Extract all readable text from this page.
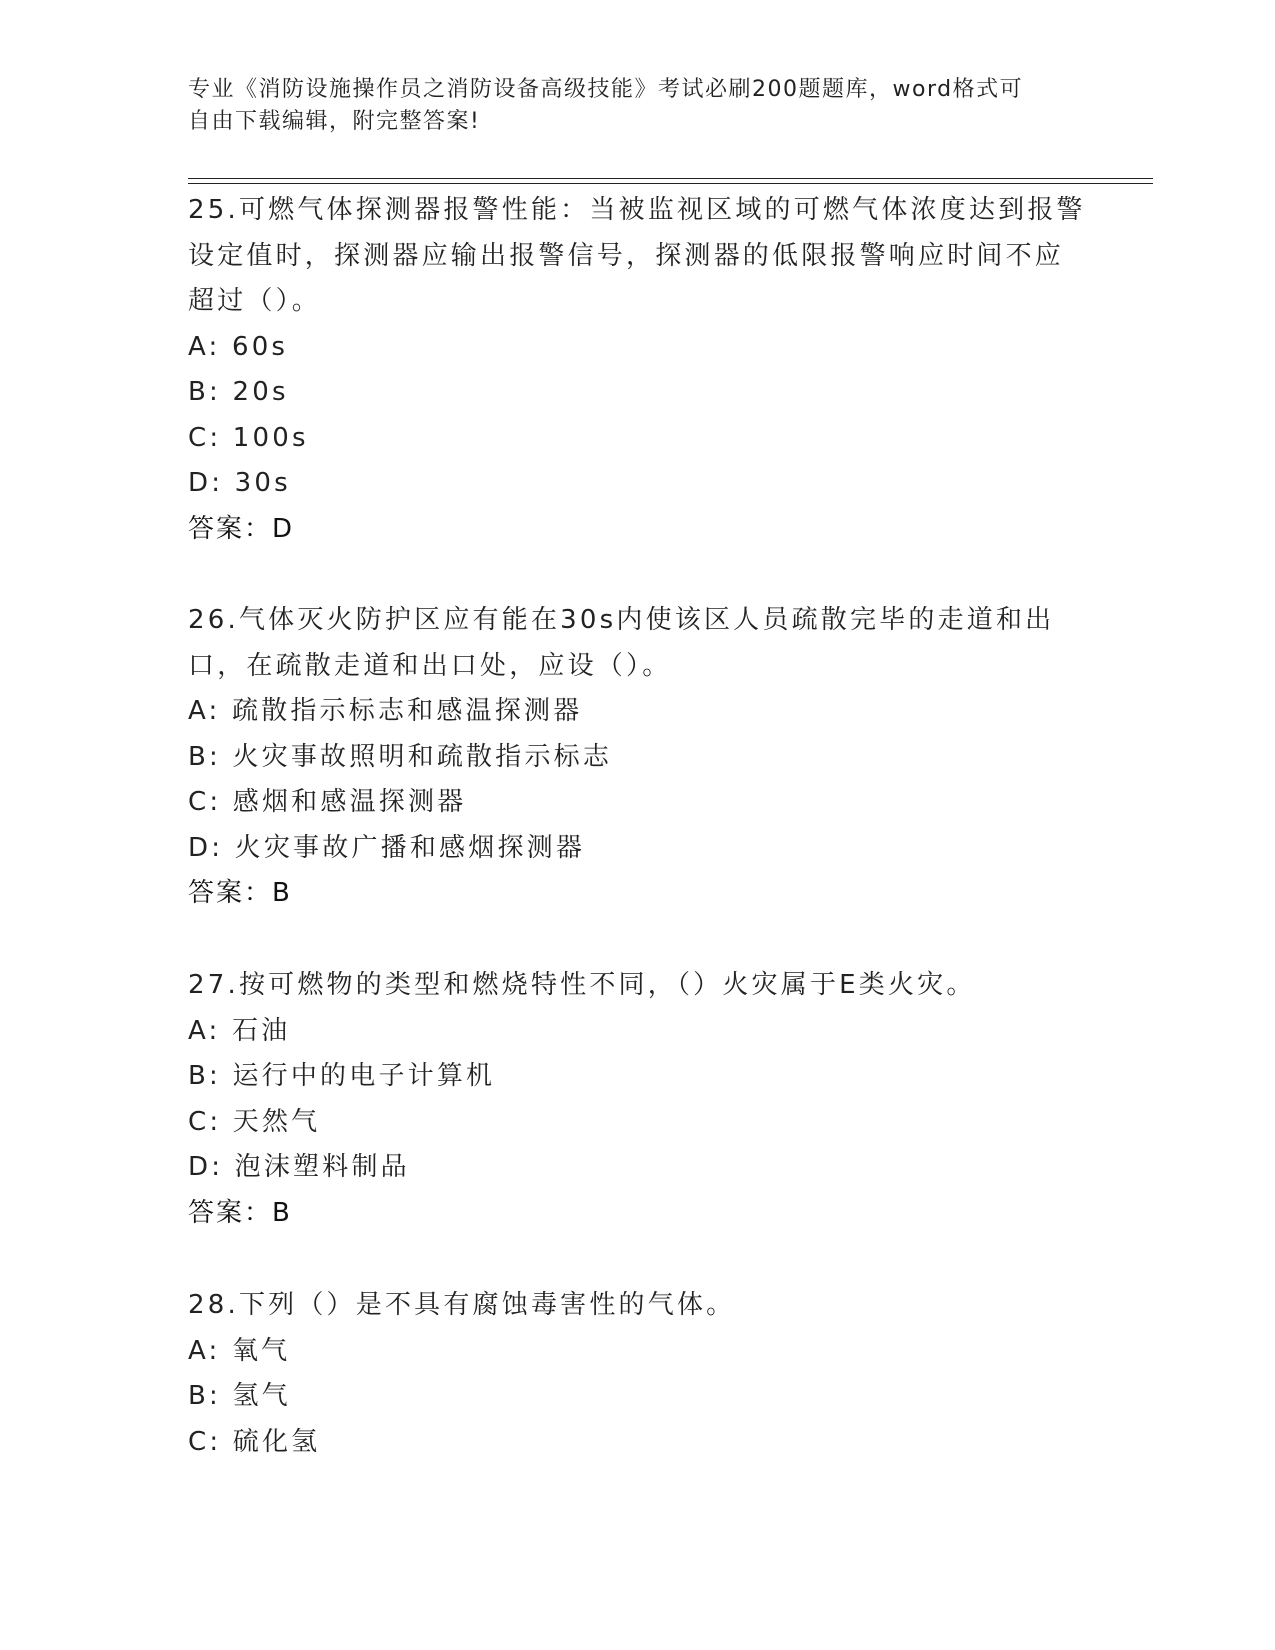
专业《消防设施操作员之消防设备高级技能》考试必刷200题题库，word格式可
自由下载编辑，附完整答案!

25.可燃气体探测器报警性能：当被监视区域的可燃气体浓度达到报警设定值时，探测器应输出报警信号，探测器的低限报警响应时间不应超过（）。

A: 60s

B: 20s

C: 100s

D: 30s

答案：D

26.气体灭火防护区应有能在30s内使该区人员疏散完毕的走道和出口，在疏散走道和出口处，应设（）。

A: 疏散指示标志和感温探测器

B: 火灾事故照明和疏散指示标志

C: 感烟和感温探测器

D: 火灾事故广播和感烟探测器

答案：B

27.按可燃物的类型和燃烧特性不同，（）火灾属于E类火灾。

A: 石油

B: 运行中的电子计算机

C: 天然气

D: 泡沫塑料制品

答案：B

28.下列（）是不具有腐蚀毒害性的气体。

A: 氧气

B: 氢气

C: 硫化氢
